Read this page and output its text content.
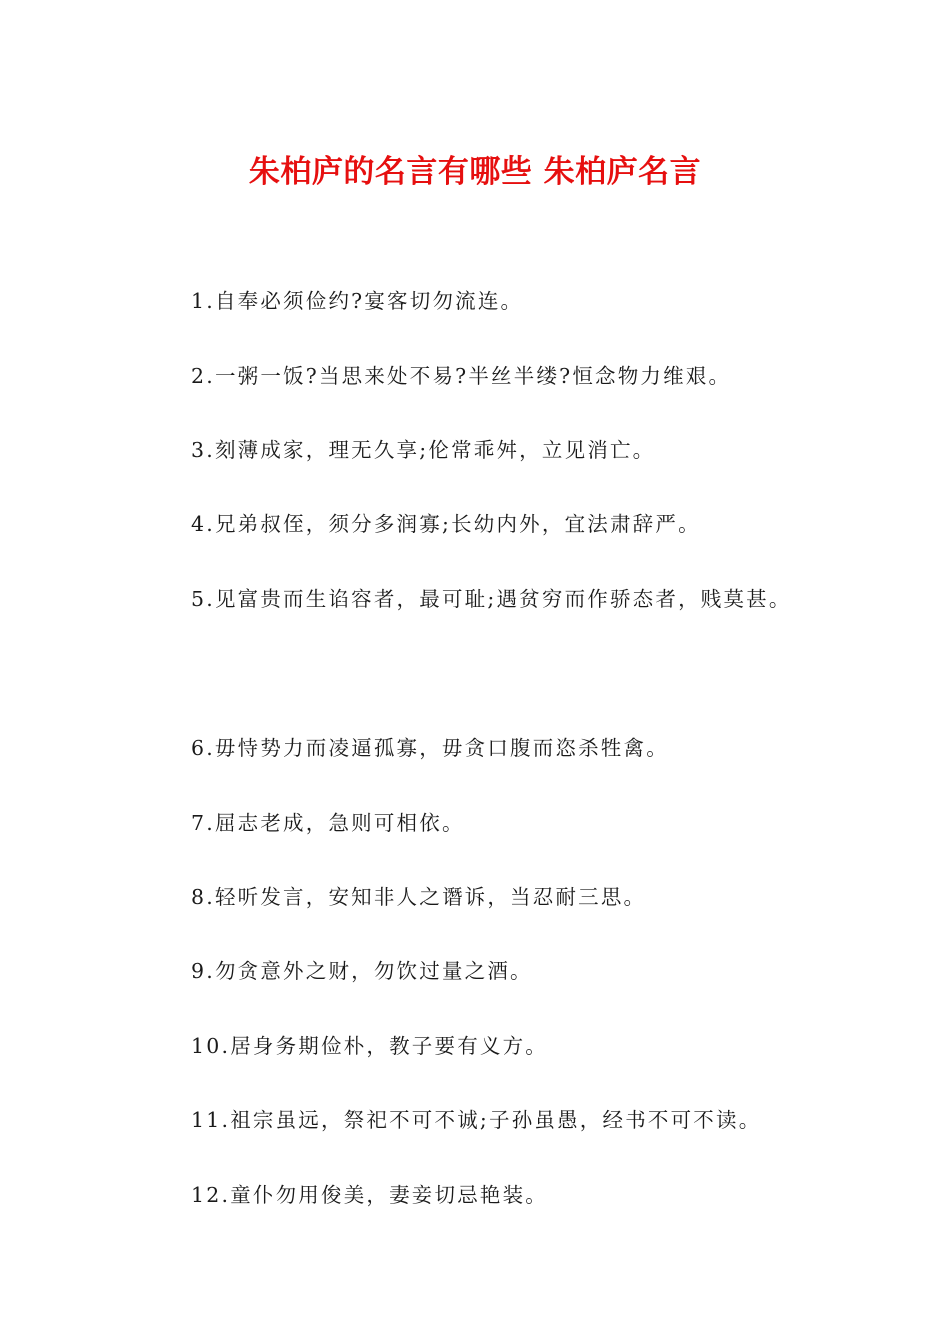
朱柏庐的名言有哪些 朱柏庐名言
1.自奉必须俭约?宴客切勿流连。
2.一粥一饭?当思来处不易?半丝半缕?恒念物力维艰。
3.刻薄成家，理无久享;伦常乖舛，立见消亡。
4.兄弟叔侄，须分多润寡;长幼内外，宜法肃辞严。
5.见富贵而生谄容者，最可耻;遇贫穷而作骄态者，贱莫甚。
6.毋恃势力而凌逼孤寡，毋贪口腹而恣杀牲禽。
7.屈志老成，急则可相依。
8.轻听发言，安知非人之谮诉，当忍耐三思。
9.勿贪意外之财，勿饮过量之酒。
10.居身务期俭朴，教子要有义方。
11.祖宗虽远，祭祀不可不诚;子孙虽愚，经书不可不读。
12.童仆勿用俊美，妻妾切忌艳装。
